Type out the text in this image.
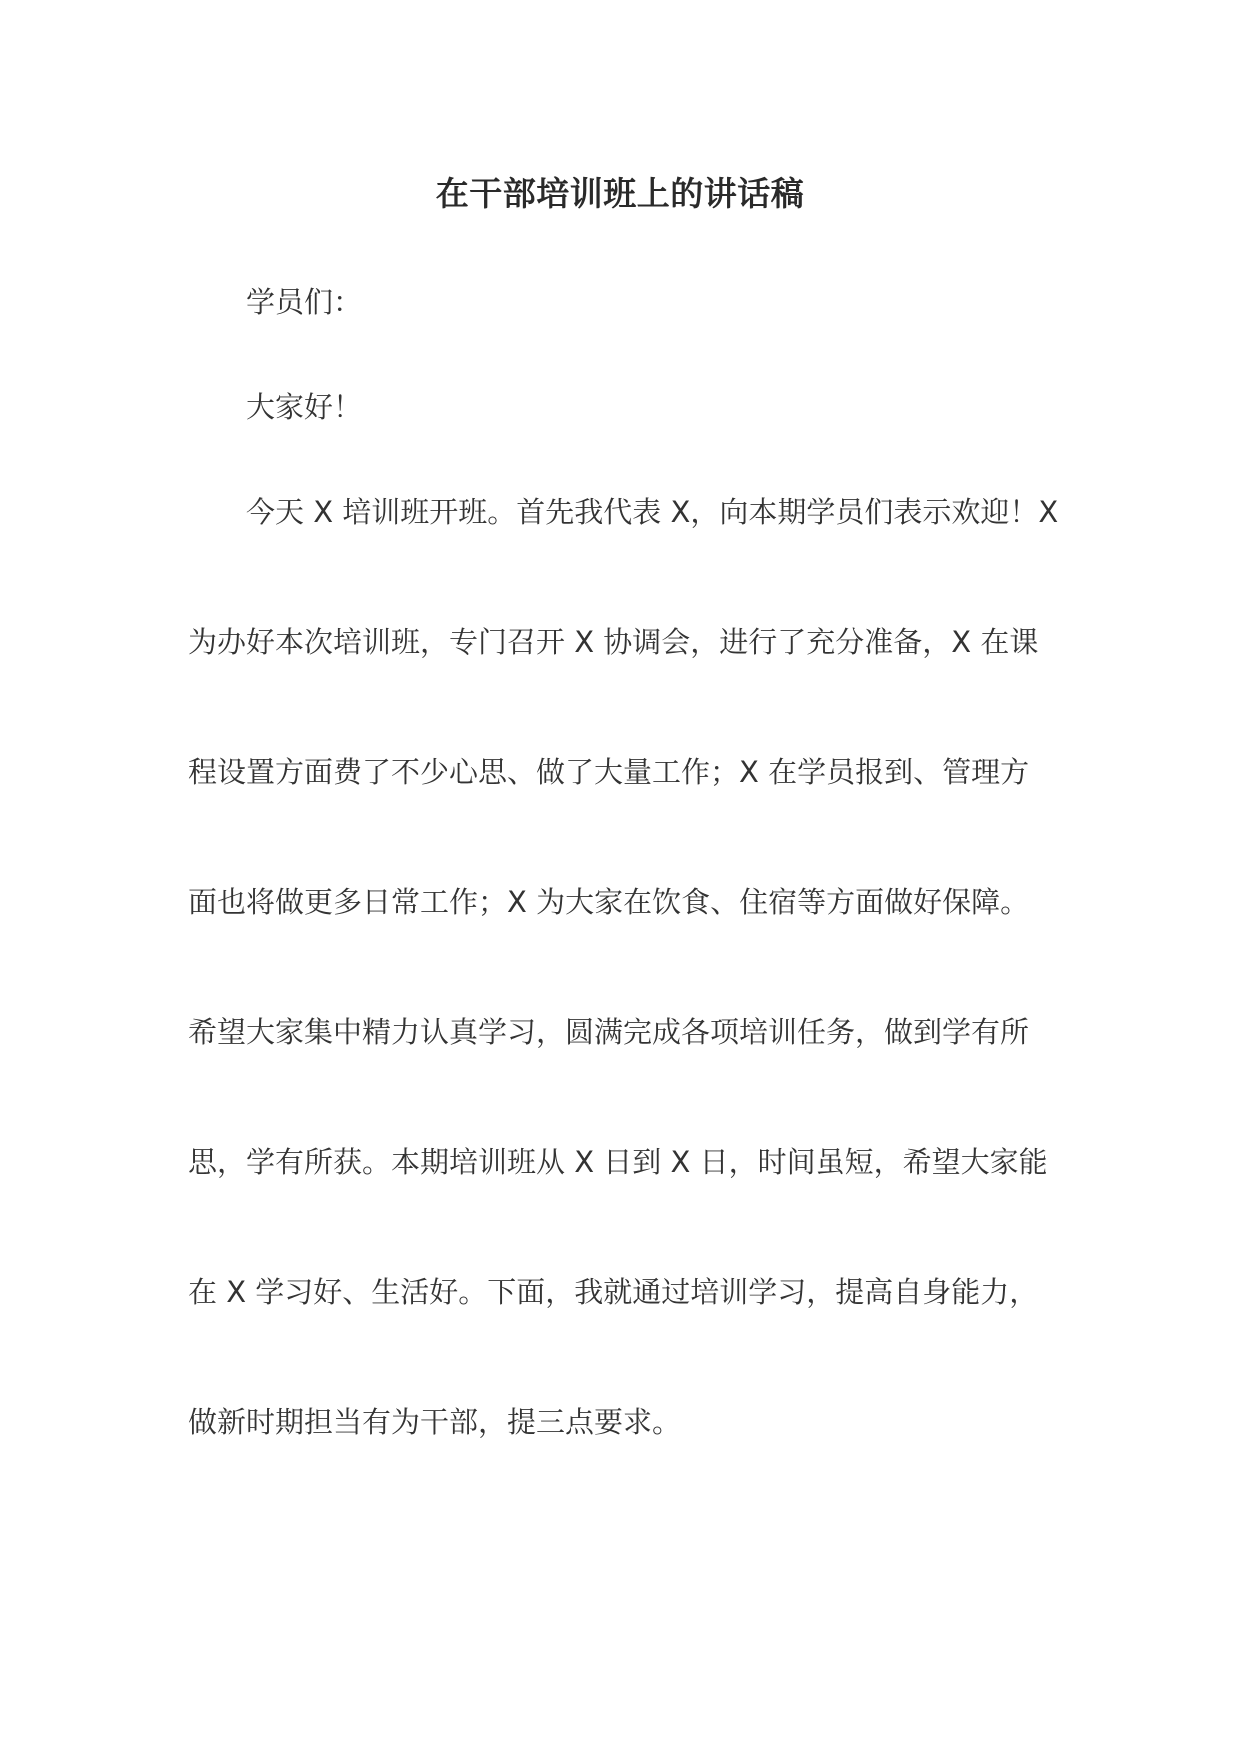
在干部培训班上的讲话稿

学员们：

大家好！

今天 X 培训班开班。首先我代表 X，向本期学员们表示欢迎！X
为办好本次培训班，专门召开 X 协调会，进行了充分准备，X 在课
程设置方面费了不少心思、做了大量工作；X 在学员报到、管理方
面也将做更多日常工作；X 为大家在饮食、住宿等方面做好保障。
希望大家集中精力认真学习，圆满完成各项培训任务，做到学有所
思，学有所获。本期培训班从 X 日到 X 日，时间虽短，希望大家能
在 X 学习好、生活好。下面，我就通过培训学习，提高自身能力，
做新时期担当有为干部，提三点要求。
